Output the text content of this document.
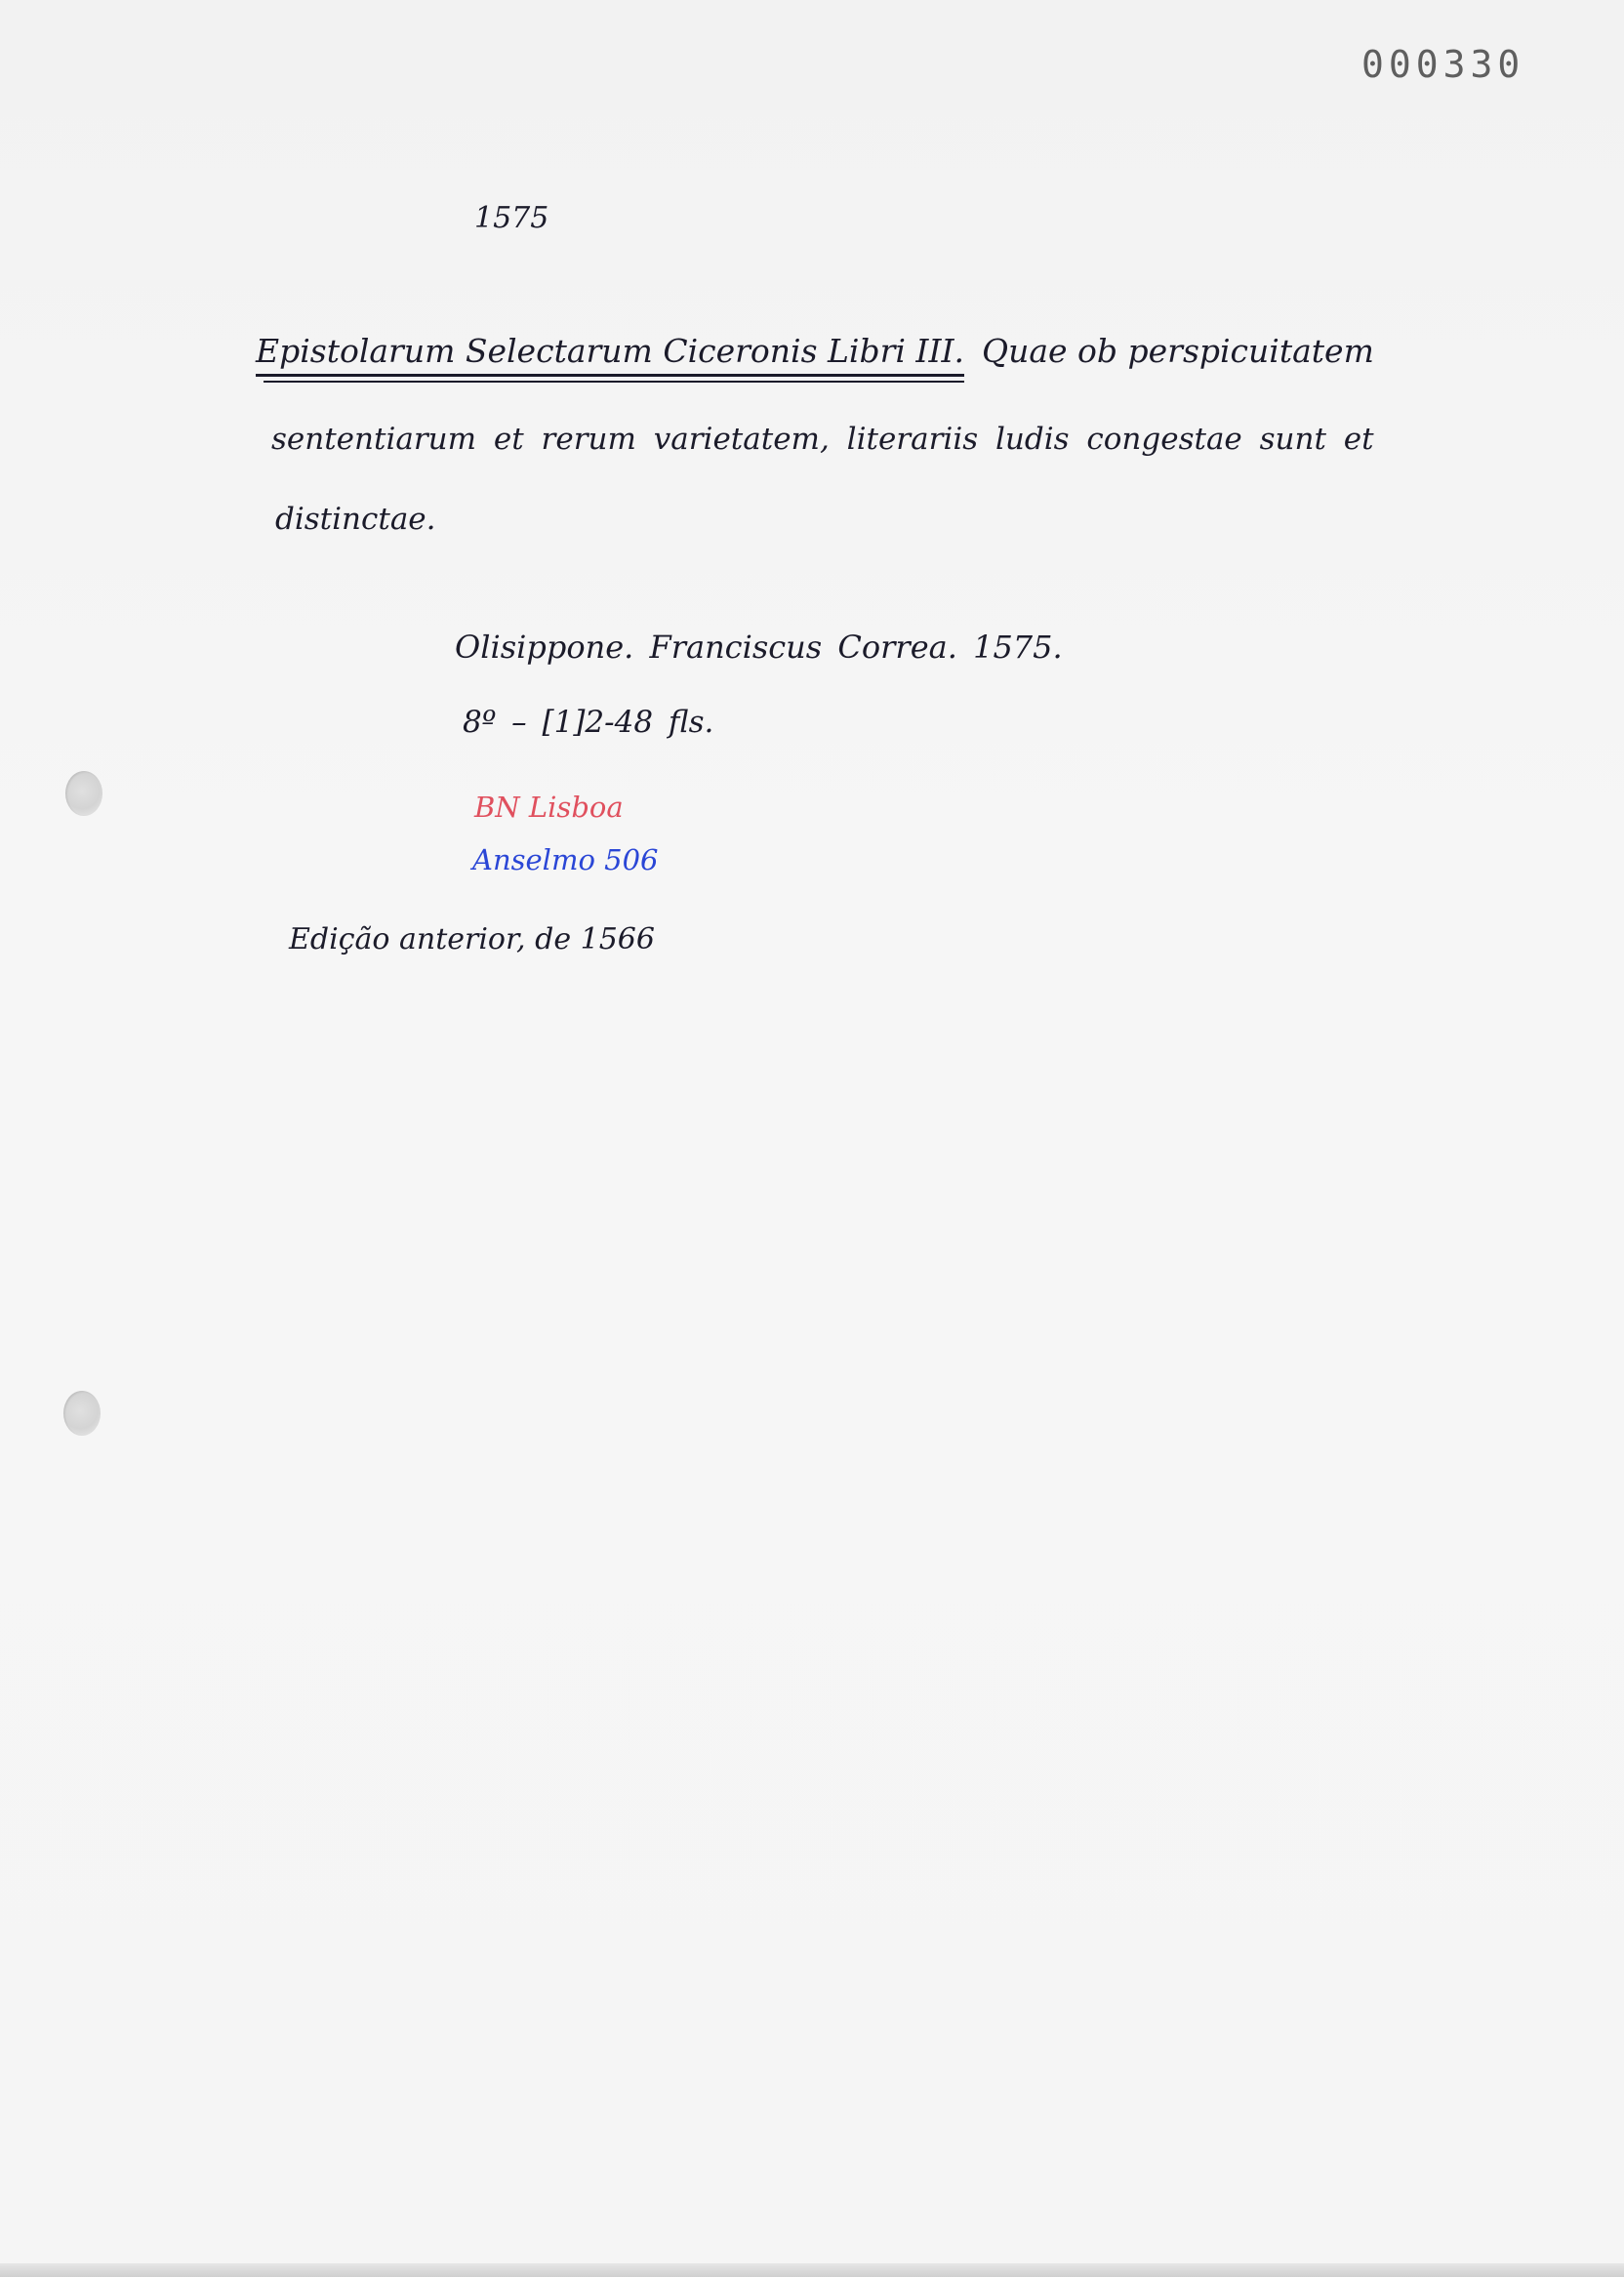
000330
1575
Epistolarum Selectarum Ciceronis Libri III. Quae ob perspicuitatem
sententiarum et rerum varietatem, literariis ludis congestae sunt et
distinctae.
Olisippone. Franciscus Correa. 1575.
8º – [1]2-48 fls.
BN Lisboa
Anselmo 506
Edição anterior, de 1566
